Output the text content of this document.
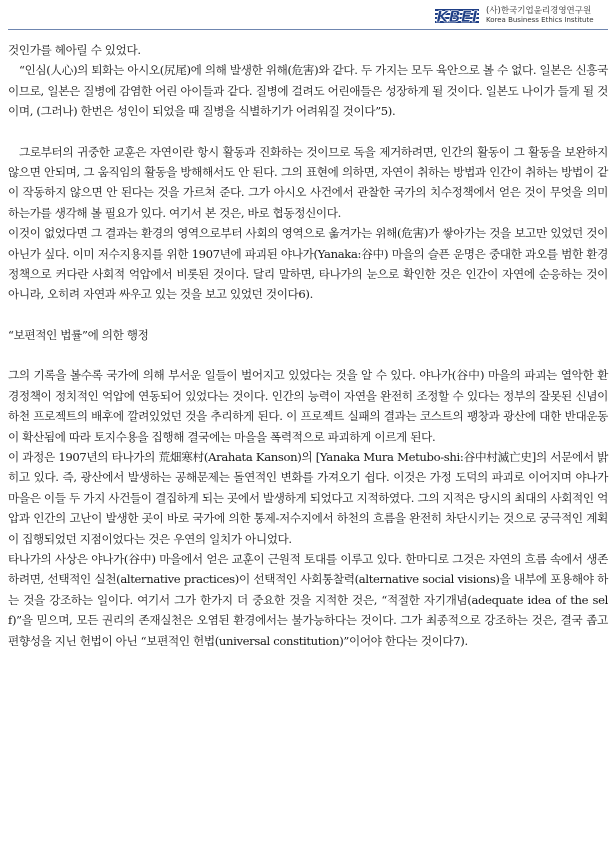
KBEI (사)한국기업윤리경영연구원
Korea Business Ethics Institute

것인가를 헤아릴 수 있었다.

“인심(人心)의 퇴화는 아시오(尻尾)에 의해 발생한 위해(危害)와 같다. 두 가지는 모두 육안으로 볼 수 없다. 일본은 신흥국이므로, 일본은 질병에 감염한 어린 아이들과 같다. 질병에 걸려도 어린애들은 성장하게 될 것이다. 일본도 나이가 들게 될 것이며, (그러나) 한번은 성인이 되었을 때 질병을 식별하기가 어려워질 것이다”5).

그로부터의 귀중한 교훈은 자연이란 항시 활동과 진화하는 것이므로 독을 제거하려면, 인간의 활동이 그 활동을 보완하지 않으면 안되며, 그 움직임의 활동을 방해해서도 안 된다. 그의 표현에 의하면, 자연이 취하는 방법과 인간이 취하는 방법이 같이 작동하지 않으면 안 된다는 것을 가르쳐 준다. 그가 아시오 사건에서 관찰한 국가의 치수정책에서 얻은 것이 무엇을 의미하는가를 생각해 볼 필요가 있다. 여기서 본 것은, 바로 협동정신이다.

이것이 없었다면 그 결과는 환경의 영역으로부터 사회의 영역으로 옮겨가는 위해(危害)가 쌓아가는 것을 보고만 있었던 것이 아닌가 싶다. 이미 저수지용지를 위한 1907년에 파괴된 야나가(Yanaka:谷中) 마을의 슬픈 운명은 중대한 과오를 범한 환경정책으로 커다란 사회적 억압에서 비롯된 것이다. 달리 말하면, 타나가의 눈으로 확인한 것은 인간이 자연에 순응하는 것이 아니라, 오히려 자연과 싸우고 있는 것을 보고 있었던 것이다6).

“보편적인 법률”에 의한 행정

그의 기록을 볼수록 국가에 의해 부서운 일들이 벌어지고 있었다는 것을 알 수 있다. 야나가(谷中) 마을의 파괴는 열악한 환경정책이 정치적인 억압에 연동되어 있었다는 것이다. 인간의 능력이 자연을 완전히 조정할 수 있다는 정부의 잘못된 신념이 하천 프로젝트의 배후에 깔려있었던 것을 추리하게 된다. 이 프로젝트 실패의 결과는 코스트의 팽창과 광산에 대한 반대운동이 확산됨에 따라 토지수용을 집행해 결국에는 마을을 폭력적으로 파괴하게 이르게 된다.

이 과정은 1907년의 타나가의 荒畑寒村(Arahata Kanson)의 [Yanaka Mura Metubo-shi:谷中村滅亡史]의 서문에서 밝히고 있다. 즉, 광산에서 발생하는 공해문제는 돌연적인 변화를 가져오기 쉽다. 이것은 가정 도덕의 파괴로 이어지며 야나가 마을은 이들 두 가지 사건들이 결집하게 되는 곳에서 발생하게 되었다고 지적하였다. 그의 지적은 당시의 최대의 사회적인 억압과 인간의 고난이 발생한 곳이 바로 국가에 의한 통제-저수지에서 하천의 흐름을 완전히 차단시키는 것으로 궁극적인 계획이 집행되었던 지점이었다는 것은 우연의 일치가 아니었다.

타나가의 사상은 야나가(谷中) 마을에서 얻은 교훈이 근원적 토대를 이루고 있다. 한마디로 그것은 자연의 흐름 속에서 생존하려면, 선택적인 실천(alternative practices)이 선택적인 사회통찰력(alternative social visions)을 내부에 포용해야 하는 것을 강조하는 일이다. 여기서 그가 한가지 더 중요한 것을 지적한 것은, “적절한 자기개념(adequate idea of the self)”을 믿으며, 모든 권리의 존재실천은 오염된 환경에서는 불가능하다는 것이다. 그가 최종적으로 강조하는 것은, 결국 좁고 편향성을 지닌 헌법이 아닌 “보편적인 헌법(universal constitution)”이어야 한다는 것이다7).
